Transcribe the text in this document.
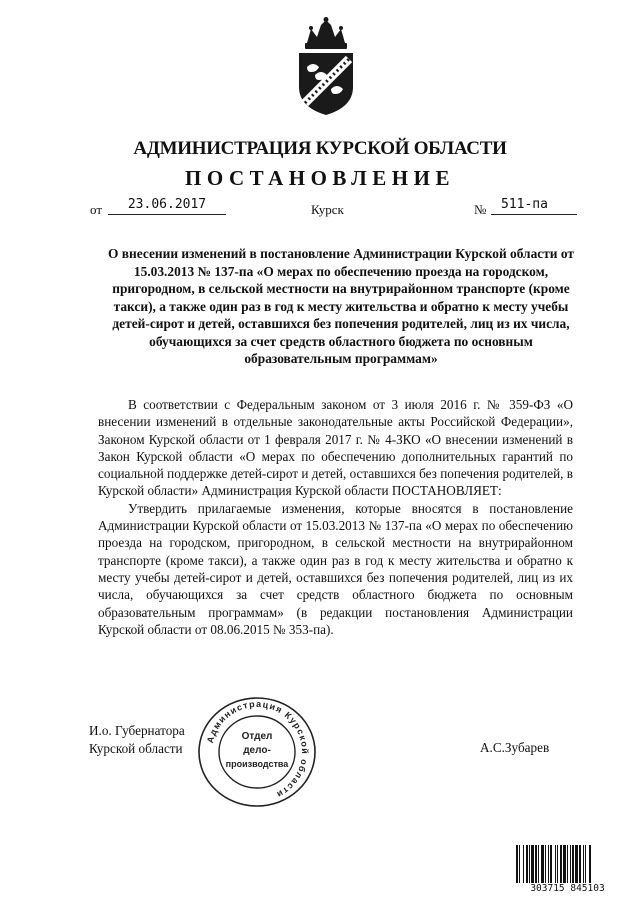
АДМИНИСТРАЦИЯ КУРСКОЙ ОБЛАСТИ
ПОСТАНОВЛЕНИЕ
от	23.06.2017	Курск	№	511-па
О внесении изменений в постановление Администрации Курской области от 15.03.2013 № 137-па «О мерах по обеспечению проезда на городском, пригородном, в сельской местности на внутрирайонном транспорте (кроме такси), а также один раз в год к месту жительства и обратно к месту учебы детей-сирот и детей, оставшихся без попечения родителей, лиц из их числа, обучающихся за счет средств областного бюджета по основным образовательным программам»

В соответствии с Федеральным законом от 3 июля 2016 г. № 359-ФЗ «О внесении изменений в отдельные законодательные акты Российской Федерации», Законом Курской области от 1 февраля 2017 г. № 4-ЗКО «О внесении изменений в Закон Курской области «О мерах по обеспечению дополнительных гарантий по социальной поддержке детей-сирот и детей, оставшихся без попечения родителей, в Курской области» Администрация Курской области ПОСТАНОВЛЯЕТ:

Утвердить прилагаемые изменения, которые вносятся в постановление Администрации Курской области от 15.03.2013 № 137-па «О мерах по обеспечению проезда на городском, пригородном, в сельской местности на внутрирайонном транспорте (кроме такси), а также один раз в год к месту жительства и обратно к месту учебы детей-сирот и детей, оставшихся без попечения родителей, лиц из их числа, обучающихся за счет средств областного бюджета по основным образовательным программам» (в редакции постановления Администрации Курской области от 08.06.2015 № 353-па).

И.о. Губернатора
Курской области
Администрация Курской области
Отдел
дело-
производства
А.С.Зубарев
303715 845103
